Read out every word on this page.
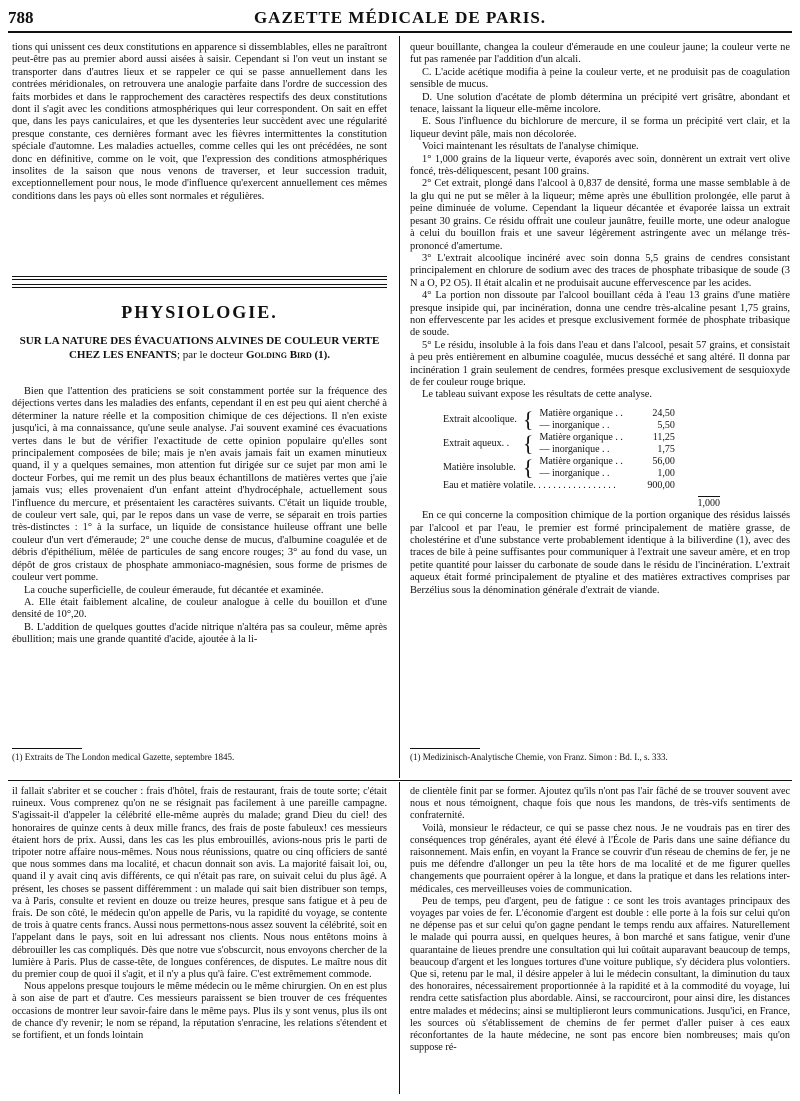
788	GAZETTE MÉDICALE DE PARIS.

tions qui unissent ces deux constitutions en apparence si dissemblables, elles ne paraîtront peut-être pas au premier abord aussi aisées à saisir. Cependant si l'on veut un instant se transporter dans d'autres lieux et se rappeler ce qui se passe annuellement dans les contrées méridionales, on retrouvera une analogie parfaite dans l'ordre de succession des faits morbides et dans le rapprochement des caractères respectifs des deux constitutions dont il s'agit avec les conditions atmosphériques qui leur correspondent. On sait en effet que, dans les pays caniculaires, et que les dysenteries leur succèdent avec une régularité presque constante, ces dernières formant avec les fièvres intermittentes la constitution spéciale d'automne. Les maladies actuelles, comme celles qui les ont précédées, ne sont donc en définitive, comme on le voit, que l'expression des conditions atmosphériques insolites de la saison que nous venons de traverser, et leur succession traduit, exceptionnellement pour nous, le mode d'influence qu'exercent annuellement ces mêmes conditions dans les pays où elles sont normales et régulières.

PHYSIOLOGIE.
SUR LA NATURE DES ÉVACUATIONS ALVINES DE COULEUR VERTE CHEZ LES ENFANTS; par le docteur Golding Bird (1).

Bien que l'attention des praticiens se soit constamment portée sur la fréquence des déjections vertes dans les maladies des enfants, cependant il en est peu qui aient cherché à déterminer la nature réelle et la composition chimique de ces déjections. Il n'en existe jusqu'ici, à ma connaissance, qu'une seule analyse. J'ai souvent examiné ces évacuations vertes dans le but de vérifier l'exactitude de cette opinion populaire qu'elles sont principalement composées de bile; mais je n'en avais jamais fait un examen minutieux quand, il y a quelques semaines, mon attention fut dirigée sur ce sujet par mon ami le docteur Forbes, qui me remit un des plus beaux échantillons de matières vertes que j'aie jamais vus; elles provenaient d'un enfant atteint d'hydrocéphale, actuellement sous l'influence du mercure, et présentaient les caractères suivants. C'était un liquide trouble, de couleur vert sale, qui, par le repos dans un vase de verre, se séparait en trois parties très-distinctes : 1° à la surface, un liquide de consistance huileuse offrant une belle couleur d'un vert d'émeraude; 2° une couche dense de mucus, d'albumine coagulée et de débris d'épithélium, mêlée de particules de sang encore rouges; 3° au fond du vase, un dépôt de gros cristaux de phosphate ammoniaco-magnésien, sous forme de prismes de couleur vert pomme.

La couche superficielle, de couleur émeraude, fut décantée et examinée.

A. Elle était faiblement alcaline, de couleur analogue à celle du bouillon et d'une densité de 10°,20.

B. L'addition de quelques gouttes d'acide nitrique n'altéra pas sa couleur, même après ébullition; mais une grande quantité d'acide, ajoutée à la li-

(1) Extraits de The London medical Gazette, septembre 1845.

queur bouillante, changea la couleur d'émeraude en une couleur jaune; la couleur verte ne fut pas ramenée par l'addition d'un alcali.

C. L'acide acétique modifia à peine la couleur verte, et ne produisit pas de coagulation sensible de mucus.

D. Une solution d'acétate de plomb détermina un précipité vert grisâtre, abondant et tenace, laissant la liqueur elle-même incolore.

E. Sous l'influence du bichlorure de mercure, il se forma un précipité vert clair, et la liqueur devint pâle, mais non décolorée.

Voici maintenant les résultats de l'analyse chimique.

1° 1,000 grains de la liqueur verte, évaporés avec soin, donnèrent un extrait vert olive foncé, très-déliquescent, pesant 100 grains.

2° Cet extrait, plongé dans l'alcool à 0,837 de densité, forma une masse semblable à de la glu qui ne put se mêler à la liqueur; même après une ébullition prolongée, elle parut à peine diminuée de volume. Cependant la liqueur décantée et évaporée laissa un extrait pesant 30 grains. Ce résidu offrait une couleur jaunâtre, feuille morte, une odeur analogue à celui du bouillon frais et une saveur légèrement astringente avec un mélange très-prononcé d'amertume.

3° L'extrait alcoolique incinéré avec soin donna 5,5 grains de cendres consistant principalement en chlorure de sodium avec des traces de phosphate tribasique de soude (3 N a O, P2 O5). Il était alcalin et ne produisait aucune effervescence par les acides.

4° La portion non dissoute par l'alcool bouillant céda à l'eau 13 grains d'une matière presque insipide qui, par incinération, donna une cendre très-alcaline pesant 1,75 grains, non effervescente par les acides et presque exclusivement formée de phosphate tribasique de soude.

5° Le résidu, insoluble à la fois dans l'eau et dans l'alcool, pesait 57 grains, et consistait à peu près entièrement en albumine coagulée, mucus desséché et sang altéré. Il donna par incinération 1 grain seulement de cendres, formées presque exclusivement de sesquioxyde de fer couleur rouge brique.

Le tableau suivant expose les résultats de cette analyse.

Extrait alcoolique.	{	Matière organique . .	24,50
		— inorganique . .	5,50
Extrait aqueux. .	{	Matière organique . .	11,25
		— inorganique . .	1,75
Matière insoluble.	{	Matière organique . .	56,00
		— inorganique . .	1,00
Eau et matière volatile. . . . . . . . . . . . . . . . .			900,00
1,000

En ce qui concerne la composition chimique de la portion organique des résidus laissés par l'alcool et par l'eau, le premier est formé principalement de matière grasse, de cholestérine et d'une substance verte probablement identique à la biliverdine (1), avec des traces de bile à peine suffisantes pour communiquer à l'extrait une saveur amère, et en trop petite quantité pour laisser du carbonate de soude dans le résidu de l'incinération. L'extrait aqueux était formé principalement de ptyaline et des matières extractives comprises par Berzélius sous la dénomination générale d'extrait de viande.

(1) Medizinisch-Analytische Chemie, von Franz. Simon : Bd. I., s. 333.

il fallait s'abriter et se coucher : frais d'hôtel, frais de restaurant, frais de toute sorte; c'était ruineux. Vous comprenez qu'on ne se résignait pas facilement à une pareille campagne. S'agissait-il d'appeler la célébrité elle-même auprès du malade; grand Dieu du ciel! des honoraires de quinze cents à deux mille francs, des frais de poste fabuleux! ces messieurs étaient hors de prix. Aussi, dans les cas les plus embrouillés, avions-nous pris le parti de tripoter notre affaire nous-mêmes. Nous nous réunissions, quatre ou cinq officiers de santé que nous sommes dans ma localité, et chacun donnait son avis. La majorité faisait loi, ou, quand il y avait cinq avis différents, ce qui n'était pas rare, on suivait celui du plus âgé. A présent, les choses se passent différemment : un malade qui sait bien distribuer son temps, va à Paris, consulte et revient en douze ou treize heures, presque sans fatigue et à peu de frais. De son côté, le médecin qu'on appelle de Paris, vu la rapidité du voyage, se contente de trois à quatre cents francs. Aussi nous permettons-nous assez souvent la célébrité, soit en l'appelant dans le pays, soit en lui adressant nos clients. Nous nous entêtons moins à débrouiller les cas compliqués. Dès que notre vue s'obscurcit, nous envoyons chercher de la lumière à Paris. Plus de casse-tête, de longues conférences, de disputes. Le maître nous dit du premier coup de quoi il s'agit, et il n'y a plus qu'à faire. C'est extrêmement commode.

Nous appelons presque toujours le même médecin ou le même chirurgien. On en est plus à son aise de part et d'autre. Ces messieurs paraissent se bien trouver de ces fréquentes occasions de montrer leur savoir-faire dans le même pays. Plus ils y sont venus, plus ils ont de chance d'y revenir; le nom se répand, la réputation s'enracine, les relations s'étendent et se fortifient, et un fonds lointain

de clientèle finit par se former. Ajoutez qu'ils n'ont pas l'air fâché de se trouver souvent avec nous et nous témoignent, chaque fois que nous les mandons, de très-vifs sentiments de confraternité.

Voilà, monsieur le rédacteur, ce qui se passe chez nous. Je ne voudrais pas en tirer des conséquences trop générales, ayant été élevé à l'École de Paris dans une saine défiance du raisonnement. Mais enfin, en voyant la France se couvrir d'un réseau de chemins de fer, je ne puis me défendre d'allonger un peu la tête hors de ma localité et de me figurer quelles changements que pourraient opérer à la longue, et dans la pratique et dans les relations inter-médicales, ces merveilleuses voies de communication.

Peu de temps, peu d'argent, peu de fatigue : ce sont les trois avantages principaux des voyages par voies de fer. L'économie d'argent est double : elle porte à la fois sur celui qu'on ne dépense pas et sur celui qu'on gagne pendant le temps rendu aux affaires. Naturellement le malade qui pourra aussi, en quelques heures, à bon marché et sans fatigue, venir d'une quarantaine de lieues prendre une consultation qui lui coûtait auparavant beaucoup de temps, beaucoup d'argent et les longues tortures d'une voiture publique, s'y décidera plus volontiers. Que si, retenu par le mal, il désire appeler à lui le médecin consultant, la diminution du taux des honoraires, nécessairement proportionnée à la rapidité et à la commodité du voyage, lui rendra cette satisfaction plus abordable. Ainsi, se raccourciront, pour ainsi dire, les distances entre malades et médecins; ainsi se multiplieront leurs communications. Jusqu'ici, en France, les sources où s'établissement de chemins de fer permet d'aller puiser à ces eaux réconfortantes de la haute médecine, ne sont pas encore bien nombreuses; mais qu'on suppose ré-
